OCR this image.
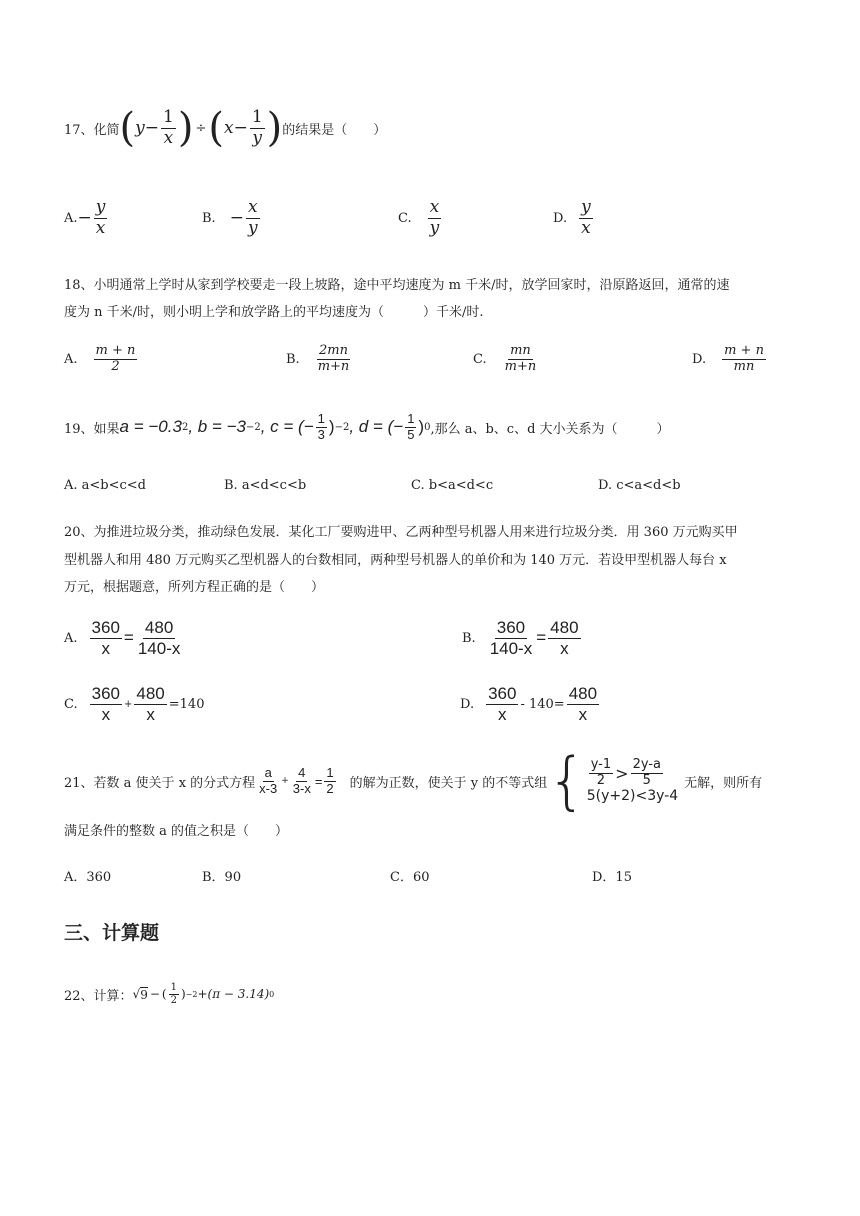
17、化简 ( $y - \frac{1}{x}$ ) ÷ ( $x - \frac{1}{y}$ ) 的结果是（　　）
A. − $\frac{y}{x}$	B. − $\frac{x}{y}$	C. $\frac{x}{y}$	D. $\frac{y}{x}$
18、小明通常上学时从家到学校要走一段上坡路，途中平均速度为 m 千米/时，放学回家时，沿原路返回，通常的速
度为 n 千米/时，则小明上学和放学路上的平均速度为（　　　）千米/时.
A. $\frac{m + n}{2}$	B. $\frac{2mn}{m+n}$	C. $\frac{mn}{m+n}$	D. $\frac{m + n}{mn}$
19、如果 a = −0.3 2 , b = −3 −2 , c = (− $\frac{1}{3}$ ) −2 , d = (− $\frac{1}{5}$ ) 0 ,那么 a、b、c、d 大小关系为（　　　）
A. a<b<c<d	B. a<d<c<b	C. b<a<d<c	D. c<a<d<b
20、为推进垃圾分类，推动绿色发展．某化工厂要购进甲、乙两种型号机器人用来进行垃圾分类．用 360 万元购买甲
型机器人和用 480 万元购买乙型机器人的台数相同，两种型号机器人的单价和为 140 万元．若设甲型机器人每台 x
万元，根据题意，所列方程正确的是（　　）
A. $\frac{360}{x} = \frac{480}{140-x}$	B. $\frac{360}{140-x} = \frac{480}{x}$
C. $\frac{360}{x} + \frac{480}{x} =140$	D. $\frac{360}{x} - 140= \frac{480}{x}$
21、若数 a 使关于 x 的分式方程 $\frac{a}{x-3} + \frac{4}{3-x} = \frac{1}{2}$ 的解为正数，使关于 y 的不等式组 { $\frac{y-1}{2} > \frac{2y-a}{5}$
5(y+2)<3y-4
无解，则所有
满足条件的整数 a 的值之积是（　　）
A．360	B．90	C．60	D．15
三、计算题
22、计算： √ 9 − ( $\frac{1}{2}$ ) −2 +(π − 3.14) 0
